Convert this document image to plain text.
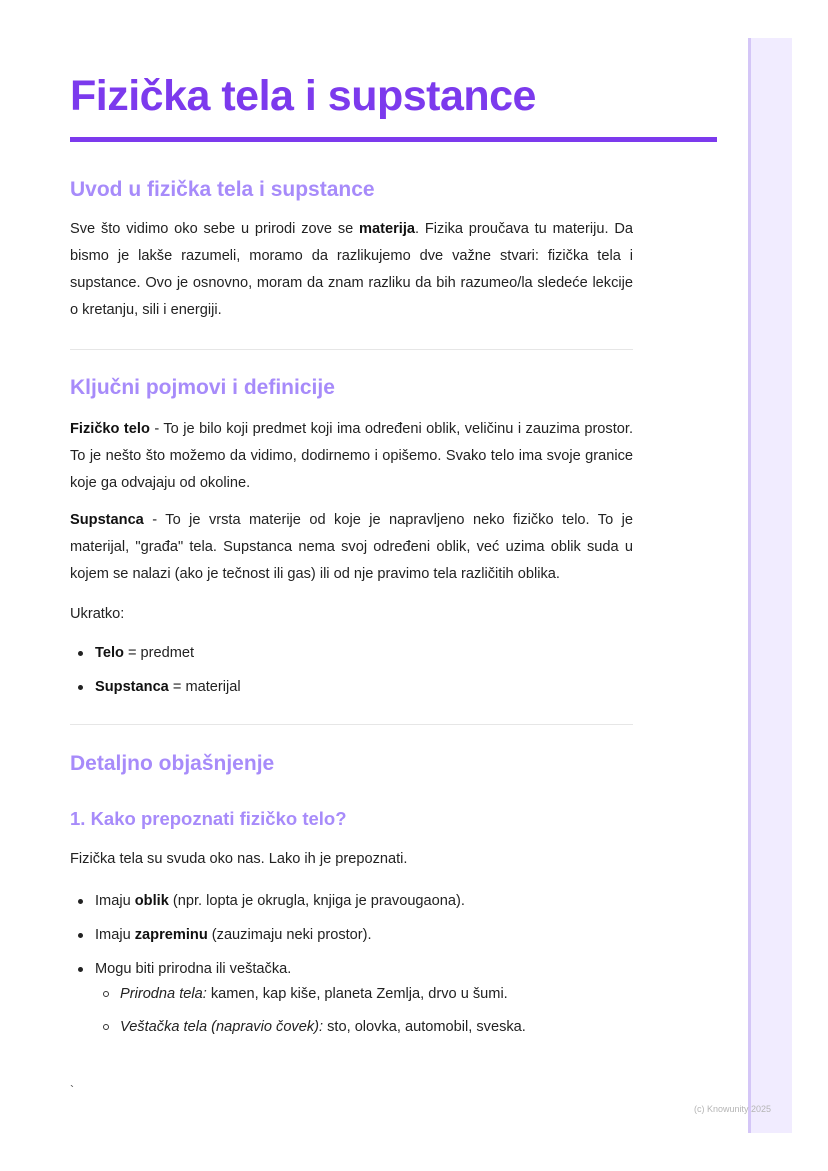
Fizička tela i supstance
Uvod u fizička tela i supstance

Sve što vidimo oko sebe u prirodi zove se materija. Fizika proučava tu materiju. Da bismo je lakše razumeli, moramo da razlikujemo dve važne stvari: fizička tela i supstance. Ovo je osnovno, moram da znam razliku da bih razumeo/la sledeće lekcije o kretanju, sili i energiji.

Ključni pojmovi i definicije

Fizičko telo - To je bilo koji predmet koji ima određeni oblik, veličinu i zauzima prostor. To je nešto što možemo da vidimo, dodirnemo i opišemo. Svako telo ima svoje granice koje ga odvajaju od okoline.

Supstanca - To je vrsta materije od koje je napravljeno neko fizičko telo. To je materijal, "građa" tela. Supstanca nema svoj određeni oblik, već uzima oblik suda u kojem se nalazi (ako je tečnost ili gas) ili od nje pravimo tela različitih oblika.

Ukratko:

Telo = predmet
Supstanca = materijal
Detaljno objašnjenje
1. Kako prepoznati fizičko telo?

Fizička tela su svuda oko nas. Lako ih je prepoznati.

Imaju oblik (npr. lopta je okrugla, knjiga je pravougaona).
Imaju zapreminu (zauzimaju neki prostor).
Mogu biti prirodna ili veštačka.
Prirodna tela: kamen, kap kiše, planeta Zemlja, drvo u šumi.
Veštačka tela (napravio čovek): sto, olovka, automobil, sveska.
`
(c) Knowunity 2025
